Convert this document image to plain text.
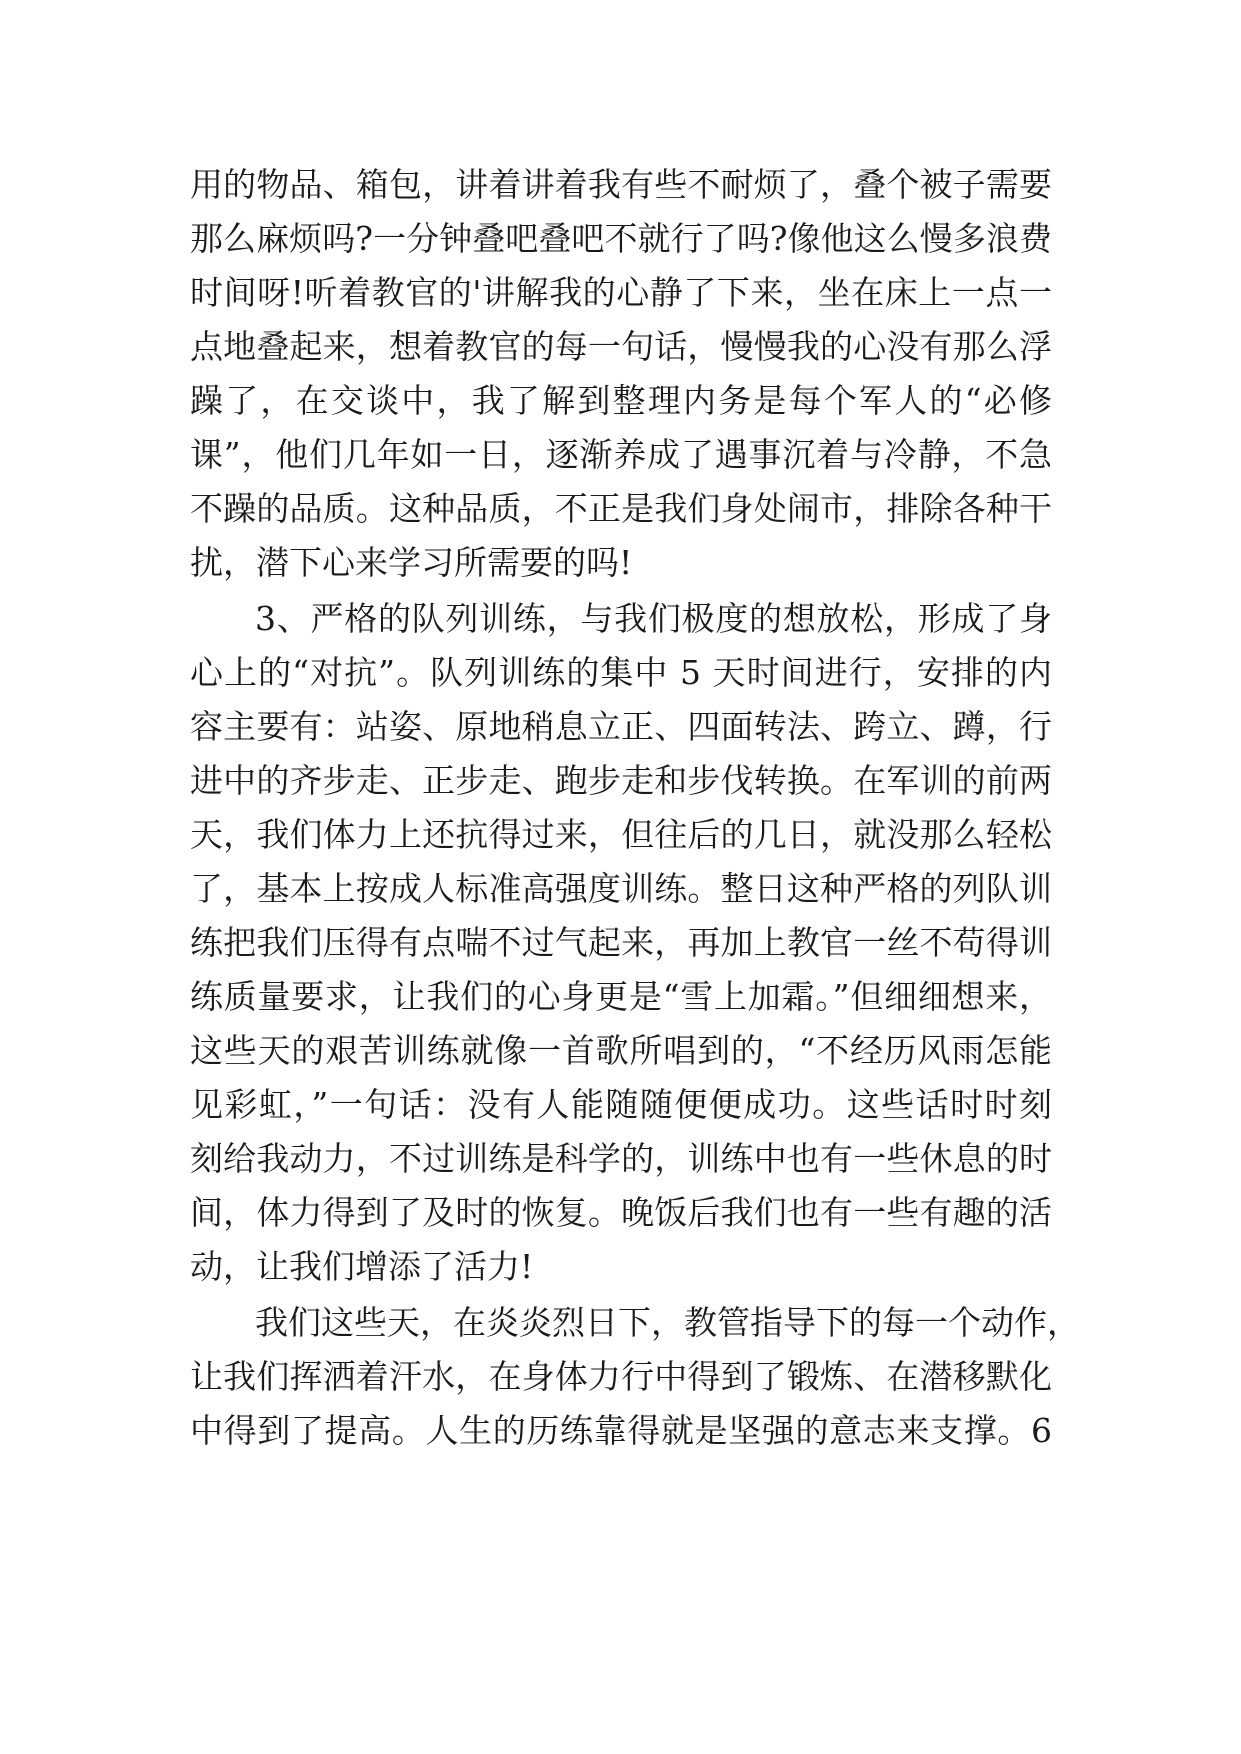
用的物品、箱包，讲着讲着我有些不耐烦了，叠个被子需要

那么麻烦吗?一分钟叠吧叠吧不就行了吗?像他这么慢多浪费

时间呀!听着教官的'讲解我的心静了下来，坐在床上一点一

点地叠起来，想着教官的每一句话，慢慢我的心没有那么浮

躁了，在交谈中，我了解到整理内务是每个军人的“必修

课”，他们几年如一日，逐渐养成了遇事沉着与冷静，不急

不躁的品质。这种品质，不正是我们身处闹市，排除各种干

扰，潜下心来学习所需要的吗!

3、严格的队列训练，与我们极度的想放松，形成了身

心上的“对抗”。队列训练的集中 5 天时间进行，安排的内

容主要有：站姿、原地稍息立正、四面转法、跨立、蹲，行

进中的齐步走、正步走、跑步走和步伐转换。在军训的前两

天，我们体力上还抗得过来，但往后的几日，就没那么轻松

了，基本上按成人标准高强度训练。整日这种严格的列队训

练把我们压得有点喘不过气起来，再加上教官一丝不苟得训

练质量要求，让我们的心身更是“雪上加霜。”但细细想来，

这些天的艰苦训练就像一首歌所唱到的，“不经历风雨怎能

见彩虹，”一句话：没有人能随随便便成功。这些话时时刻

刻给我动力，不过训练是科学的，训练中也有一些休息的时

间，体力得到了及时的恢复。晚饭后我们也有一些有趣的活

动，让我们增添了活力!

我们这些天，在炎炎烈日下，教管指导下的每一个动作，

让我们挥洒着汗水，在身体力行中得到了锻炼、在潜移默化

中得到了提高。人生的历练靠得就是坚强的意志来支撑。6
